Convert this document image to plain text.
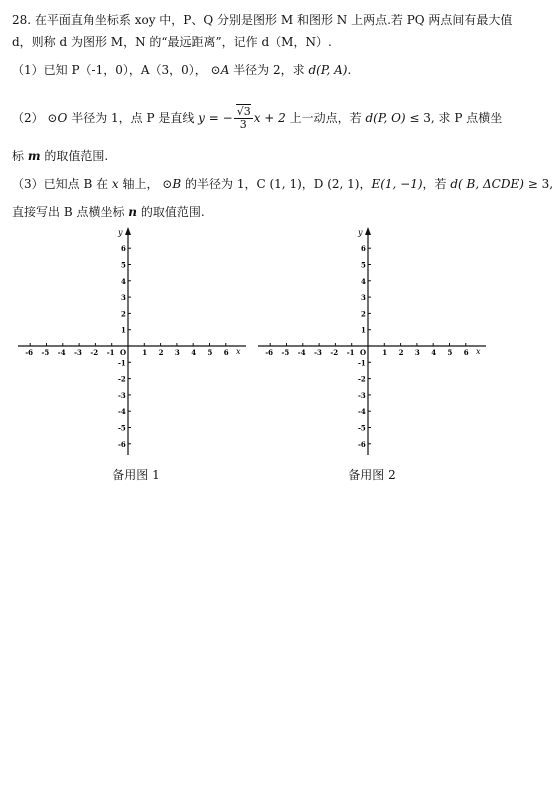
28. 在平面直角坐标系 xoy 中，P、Q 分别是图形 M 和图形 N 上两点.若 PQ 两点间有最大值
d，则称 d 为图形 M，N 的“最远距离”，记作 d（M，N）.
（1）已知 P（-1，0），A（3，0）， ⊙A 半径为 2，求 d(P, A).
（2） ⊙O 半径为 1，点 P 是直线 y = − $\frac{√3}{3}$ x + 2 上一动点，若 d(P, O) ≤ 3, 求 P 点横坐
标 m 的取值范围.
（3）已知点 B 在 x 轴上， ⊙B 的半径为 1，C (1, 1)，D (2, 1)，E(1, −1)，若 d( B, ΔCDE) ≥ 3,
直接写出 B 点横坐标 n 的取值范围.
y
x
O
-6
-6
-5
-5
-4
-4
-3
-3
-2
-2
-1
-1
1
1
2
2
3
3
4
4
5
5
6
6
y
x
O
-6
-6
-5
-5
-4
-4
-3
-3
-2
-2
-1
-1
1
1
2
2
3
3
4
4
5
5
6
6
备用图 1	备用图 2
